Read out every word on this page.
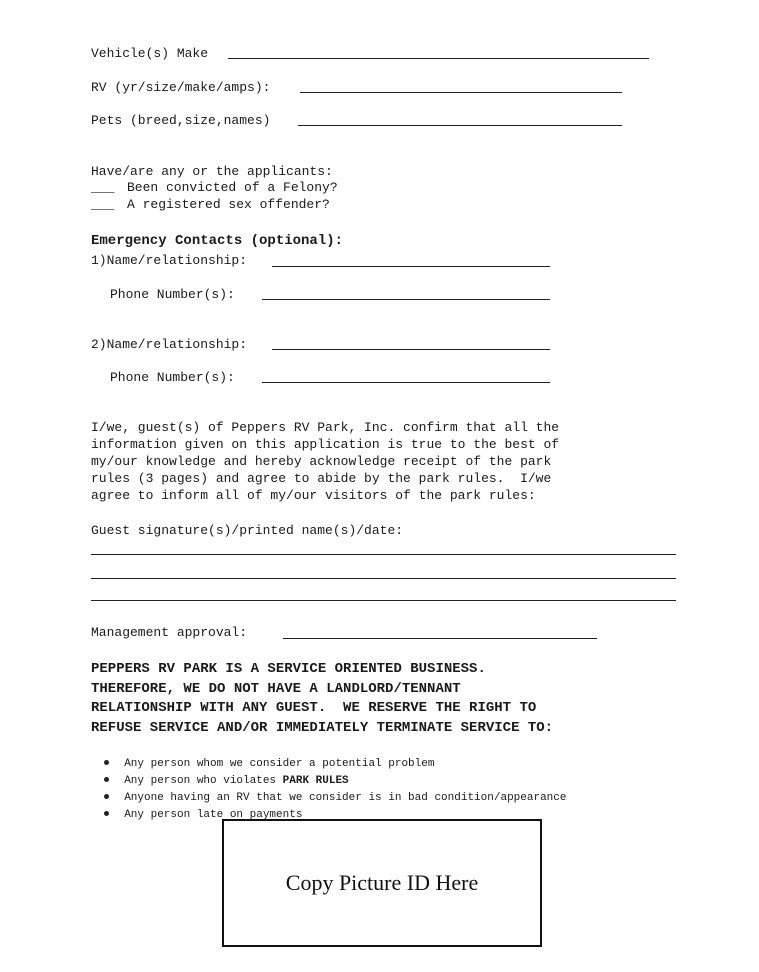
Vehicle(s) Make
RV (yr/size/make/amps):
Pets (breed,size,names)
Have/are any or the applicants:
___ Been convicted of a Felony?
___ A registered sex offender?
Emergency Contacts (optional):
1)Name/relationship:
Phone Number(s):
2)Name/relationship:
Phone Number(s):
I/we, guest(s) of Peppers RV Park, Inc. confirm that all the
information given on this application is true to the best of
my/our knowledge and hereby acknowledge receipt of the park
rules (3 pages) and agree to abide by the park rules.  I/we
agree to inform all of my/our visitors of the park rules:
Guest signature(s)/printed name(s)/date:
Management approval:
PEPPERS RV PARK IS A SERVICE ORIENTED BUSINESS.
THEREFORE, WE DO NOT HAVE A LANDLORD/TENNANT
RELATIONSHIP WITH ANY GUEST.  WE RESERVE THE RIGHT TO
REFUSE SERVICE AND/OR IMMEDIATELY TERMINATE SERVICE TO:

Any person whom we consider a potential problem

Any person who violates PARK RULES

Anyone having an RV that we consider is in bad condition/appearance

Any person late on payments

Copy Picture ID Here
